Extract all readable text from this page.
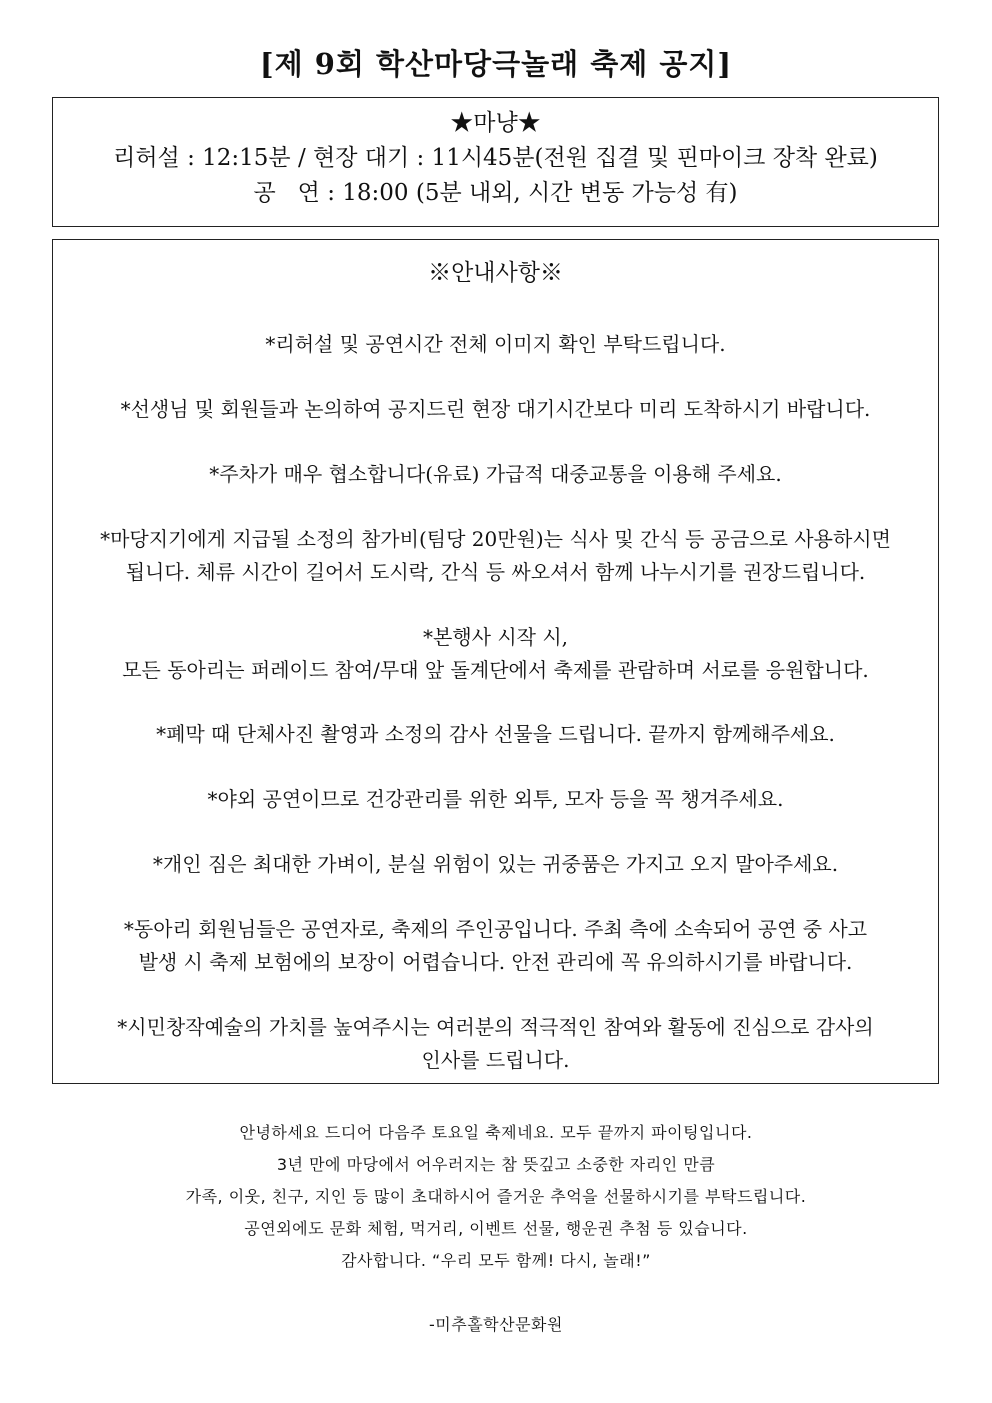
[제 9회 학산마당극놀래 축제 공지]
★마냥★
리허설 : 12:15분 / 현장 대기 : 11시45분(전원 집결 및 핀마이크 장착 완료)
공   연 : 18:00 (5분 내외, 시간 변동 가능성 有)
※안내사항※
*리허설 및 공연시간 전체 이미지 확인 부탁드립니다.
*선생님 및 회원들과 논의하여 공지드린 현장 대기시간보다 미리 도착하시기 바랍니다.
*주차가 매우 협소합니다(유료) 가급적 대중교통을 이용해 주세요.
*마당지기에게 지급될 소정의 참가비(팀당 20만원)는 식사 및 간식 등 공금으로 사용하시면
됩니다. 체류 시간이 길어서 도시락, 간식 등 싸오셔서 함께 나누시기를 권장드립니다.
*본행사 시작 시,
모든 동아리는 퍼레이드 참여/무대 앞 돌계단에서 축제를 관람하며 서로를 응원합니다.
*폐막 때 단체사진 촬영과 소정의 감사 선물을 드립니다. 끝까지 함께해주세요.
*야외 공연이므로 건강관리를 위한 외투, 모자 등을 꼭 챙겨주세요.
*개인 짐은 최대한 가벼이, 분실 위험이 있는 귀중품은 가지고 오지 말아주세요.
*동아리 회원님들은 공연자로, 축제의 주인공입니다. 주최 측에 소속되어 공연 중 사고
발생 시 축제 보험에의 보장이 어렵습니다. 안전 관리에 꼭 유의하시기를 바랍니다.
*시민창작예술의 가치를 높여주시는 여러분의 적극적인 참여와 활동에 진심으로 감사의
인사를 드립니다.
안녕하세요 드디어 다음주 토요일 축제네요. 모두 끝까지 파이팅입니다.
3년 만에 마당에서 어우러지는 참 뜻깊고 소중한 자리인 만큼
가족, 이웃, 친구, 지인 등 많이 초대하시어 즐거운 추억을 선물하시기를 부탁드립니다.
공연외에도 문화 체험, 먹거리, 이벤트 선물, 행운권 추첨 등 있습니다.
감사합니다. “우리 모두 함께! 다시, 놀래!”
-미추홀학산문화원
